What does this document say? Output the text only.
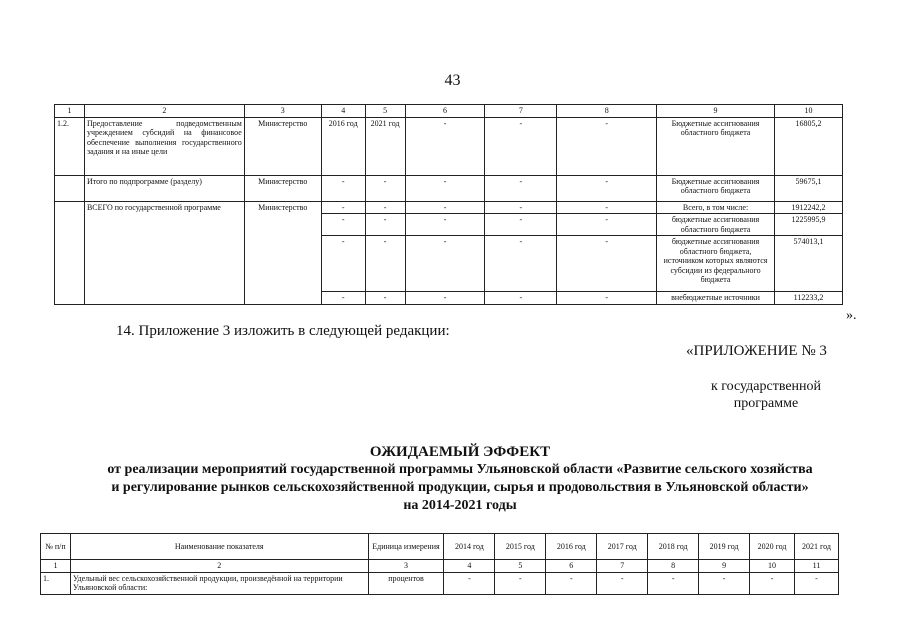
43
1	2	3	4	5	6	7	8	9	10
1.2.	Предоставление подведомственным учреждением субсидий на финансовое обеспечение выполнения государственного задания и на иные цели	Министерство	2016 год	2021 год	-	-	-	Бюджетные ассигнования областного бюджета	16805,2
	Итого по подпрограмме (разделу)	Министерство	-	-	-	-	-	Бюджетные ассигнования областного бюджета	59675,1
	ВСЕГО по государственной программе	Министерство	-	-	-	-	-	Всего, в том числе:	1912242,2
			-	-	-	-	-	бюджетные ассигнования областного бюджета	1225995,9
			-	-	-	-	-	бюджетные ассигнования областного бюджета, источником которых являются субсидии из федерального бюджета	574013,1
			-	-	-	-	-	внебюджетные источники	112233,2
».
14. Приложение 3 изложить в следующей редакции:
«ПРИЛОЖЕНИЕ № 3
к государственной программе
ОЖИДАЕМЫЙ ЭФФЕКТ
от реализации мероприятий государственной программы Ульяновской области «Развитие сельского хозяйства
и регулирование рынков сельскохозяйственной продукции, сырья и продовольствия в Ульяновской области»
на 2014-2021 годы
№ п/п	Наименование показателя	Единица измерения	2014 год	2015 год	2016 год	2017 год	2018 год	2019 год	2020 год	2021 год
1	2	3	4	5	6	7	8	9	10	11
1.	Удельный вес сельскохозяйственной продукции, произведённой на территории Ульяновской области:	процентов	-	-	-	-	-	-	-	-
